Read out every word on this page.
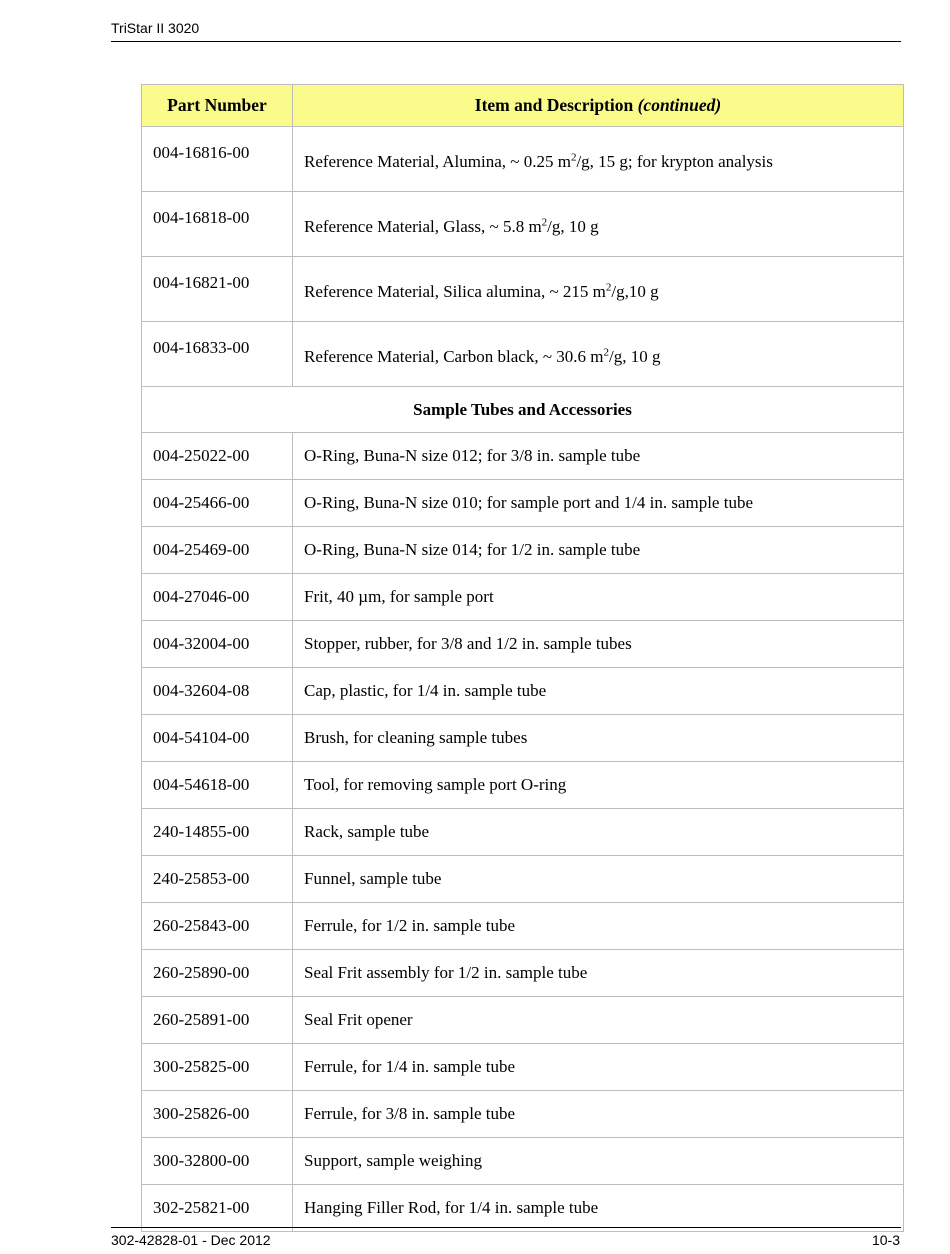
TriStar II 3020
Part Number	Item and Description (continued)
004-16816-00	Reference Material, Alumina, ~ 0.25 $m^2/g$, 15 g; for krypton analysis
004-16818-00	Reference Material, Glass, ~ 5.8 $m^2/g$, 10 g
004-16821-00	Reference Material, Silica alumina, ~ 215 $m^2/g,10$ g
004-16833-00	Reference Material, Carbon black, ~ 30.6 $m^2/g$, 10 g
Sample Tubes and Accessories	
004-25022-00	O-Ring, Buna-N size 012; for 3/8 in. sample tube
004-25466-00	O-Ring, Buna-N size 010; for sample port and 1/4 in. sample tube
004-25469-00	O-Ring, Buna-N size 014; for 1/2 in. sample tube
004-27046-00	Frit, 40 µm, for sample port
004-32004-00	Stopper, rubber, for 3/8 and 1/2 in. sample tubes
004-32604-08	Cap, plastic, for 1/4 in. sample tube
004-54104-00	Brush, for cleaning sample tubes
004-54618-00	Tool, for removing sample port O-ring
240-14855-00	Rack, sample tube
240-25853-00	Funnel, sample tube
260-25843-00	Ferrule, for 1/2 in. sample tube
260-25890-00	Seal Frit assembly for 1/2 in. sample tube
260-25891-00	Seal Frit opener
300-25825-00	Ferrule, for 1/4 in. sample tube
300-25826-00	Ferrule, for 3/8 in. sample tube
300-32800-00	Support, sample weighing
302-25821-00	Hanging Filler Rod, for 1/4 in. sample tube
302-42828-01 - Dec 2012	10-3
